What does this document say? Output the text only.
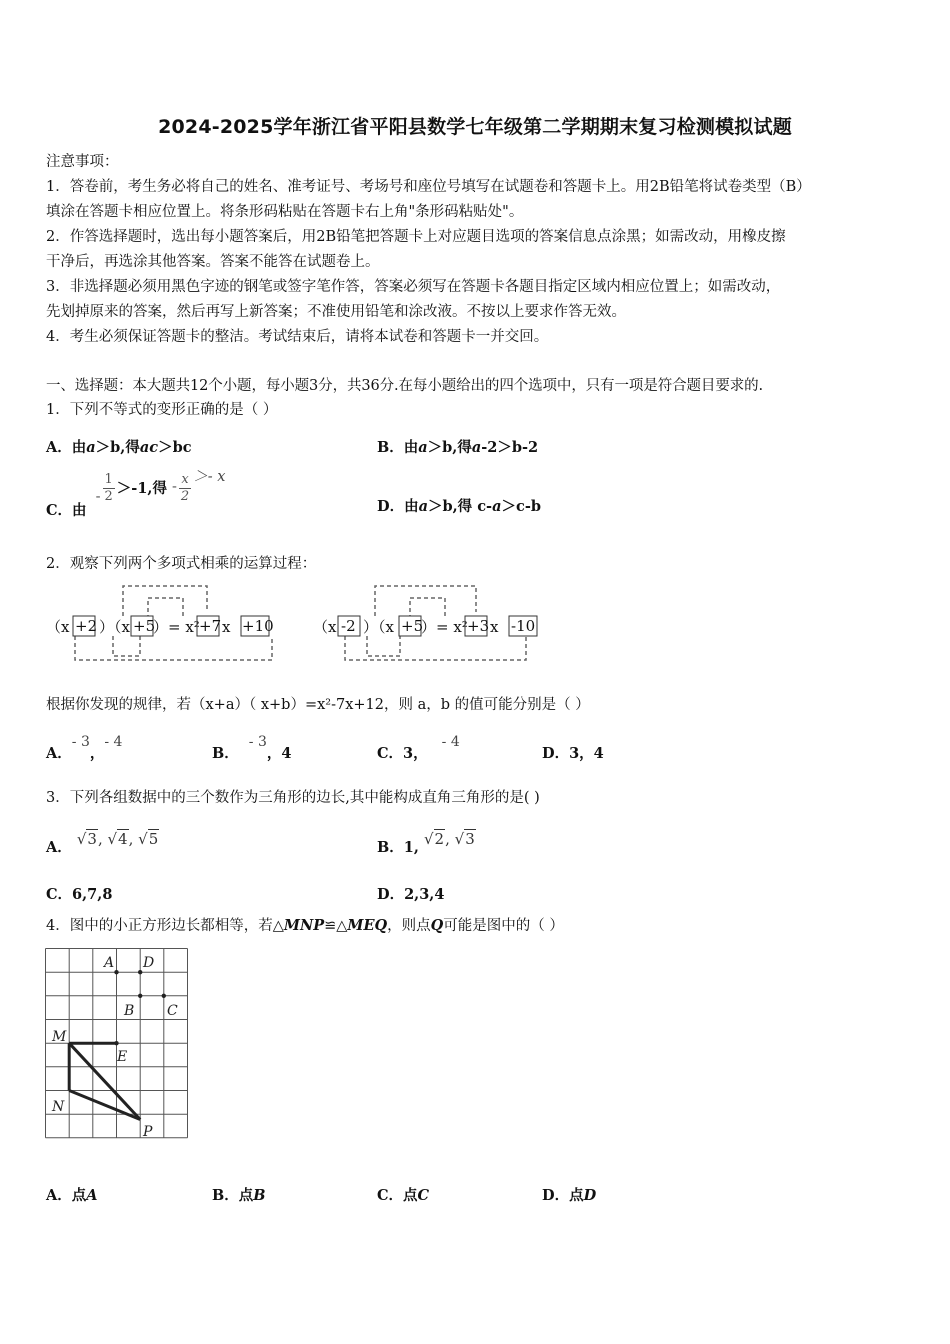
2024-2025学年浙江省平阳县数学七年级第二学期期末复习检测模拟试题
注意事项：
1．答卷前，考生务必将自己的姓名、准考证号、考场号和座位号填写在试题卷和答题卡上。用2B铅笔将试卷类型（B）
填涂在答题卡相应位置上。将条形码粘贴在答题卡右上角"条形码粘贴处"。
2．作答选择题时，选出每小题答案后，用2B铅笔把答题卡上对应题目选项的答案信息点涂黑；如需改动，用橡皮擦
干净后，再选涂其他答案。答案不能答在试题卷上。
3．非选择题必须用黑色字迹的钢笔或签字笔作答，答案必须写在答题卡各题目指定区域内相应位置上；如需改动，
先划掉原来的答案，然后再写上新答案；不准使用铅笔和涂改液。不按以上要求作答无效。
4．考生必须保证答题卡的整洁。考试结束后，请将本试卷和答题卡一并交回。
一、选择题：本大题共12个小题，每小题3分，共36分.在每小题给出的四个选项中，只有一项是符合题目要求的.
1．下列不等式的变形正确的是（ ）
A．由a＞b,得ac＞bc	B．由a＞b,得a-2＞b-2
C．由 - $\frac{1}{2} >-1$,得 - $\frac{x}{2} >- x$
D．由a＞b,得 c-a＞c-b
2．观察下列两个多项式相乘的运算过程：
（x +2 ）（x +5
）= x² +7 x +10	（x -2 ）（x +5
）= x² +3 x -10
根据你发现的规律，若（x+a）（ x+b）=x²-7x+12，则 a，b 的值可能分别是（ ）
A．- 3，- 4
B．- 3，4	C．3，- 4
D．3，4
3．下列各组数据中的三个数作为三角形的边长,其中能构成直角三角形的是( )
A． √3, √4, √5	B．1, √2, √3
C．6,7,8	D．2,3,4
4．图中的小正方形边长都相等，若△MNP≌△MEQ，则点Q可能是图中的（ ）
A D
B C
M
E
N
P
A．点A	B．点B	C．点C	D．点D
